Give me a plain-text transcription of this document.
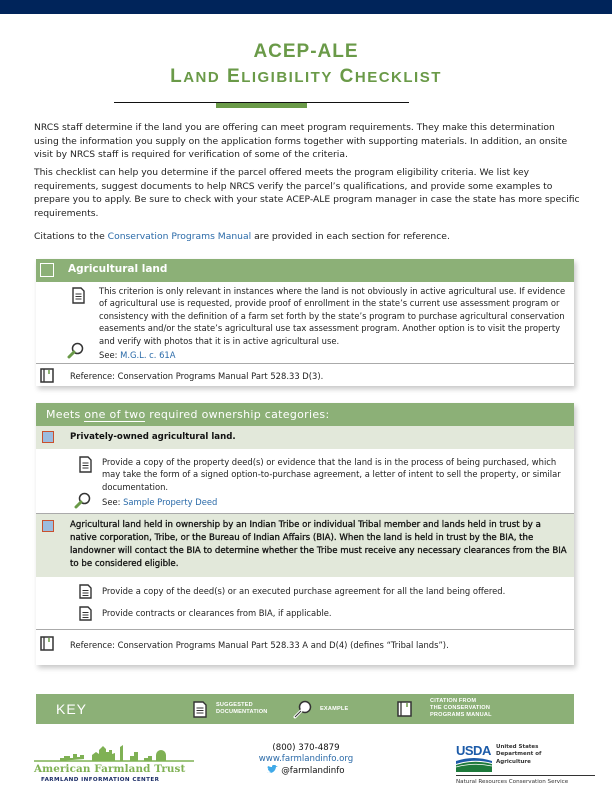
ACEP-ALE
LAND ELIGIBILITY CHECKLIST

NRCS staff determine if the land you are offering can meet program requirements. They make this determination using the information you supply on the application forms together with supporting materials. In addition, an onsite visit by NRCS staff is required for verification of some of the criteria.

This checklist can help you determine if the parcel offered meets the program eligibility criteria. We list key requirements, suggest documents to help NRCS verify the parcel’s qualifications, and provide some examples to prepare you to apply. Be sure to check with your state ACEP-ALE program manager in case the state has more specific requirements.

Citations to the Conservation Programs Manual are provided in each section for reference.

Agricultural land
This criterion is only relevant in instances where the land is not obviously in active agricultural use. If evidence of agricultural use is requested, provide proof of enrollment in the state’s current use assessment program or consistency with the definition of a farm set forth by the state’s program to purchase agricultural conservation easements and/or the state’s agricultural use tax assessment program. Another option is to visit the property and verify with photos that it is in active agricultural use.
See: M.G.L. c. 61A
Reference: Conservation Programs Manual Part 528.33 D(3).
Meets one of two required ownership categories:
Privately-owned agricultural land.
Provide a copy of the property deed(s) or evidence that the land is in the process of being purchased, which may take the form of a signed option-to-purchase agreement, a letter of intent to sell the property, or similar documentation.
See: Sample Property Deed
Agricultural land held in ownership by an Indian Tribe or individual Tribal member and lands held in trust by a native corporation, Tribe, or the Bureau of Indian Affairs (BIA). When the land is held in trust by the BIA, the landowner will contact the BIA to determine whether the Tribe must receive any necessary clearances from the BIA to be considered eligible.
Provide a copy of the deed(s) or an executed purchase agreement for all the land being offered.
Provide contracts or clearances from BIA, if applicable.
Reference: Conservation Programs Manual Part 528.33 A and D(4) (defines “Tribal lands”).
KEY	SUGGESTED
DOCUMENTATION	EXAMPLE
CITATION FROM
THE CONSERVATION
PROGRAMS MANUAL
American Farmland Trust
FARMLAND INFORMATION CENTER
(800) 370-4879
www.farmlandinfo.org
@farmlandinfo
USDA United States
Department of
Agriculture
Natural Resources Conservation Service
